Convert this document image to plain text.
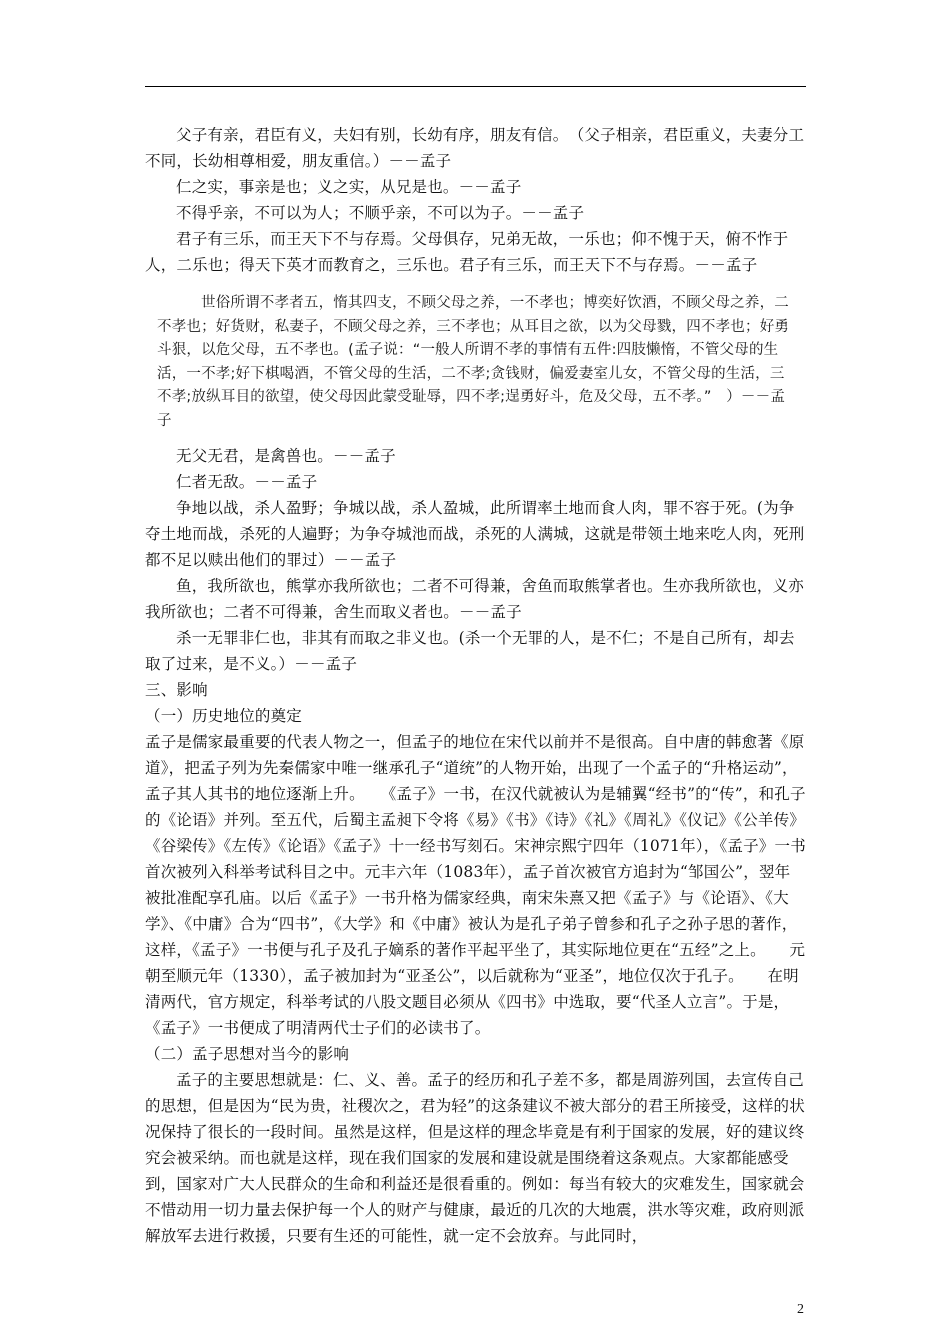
父子有亲，君臣有义，夫妇有别，长幼有序，朋友有信。　（父子相亲，君臣重义，夫妻分工不同，长幼相尊相爱，朋友重信。）－－孟子

仁之实，事亲是也；义之实，从兄是也。－－孟子

不得乎亲，不可以为人；不顺乎亲，不可以为子。－－孟子

君子有三乐，而王天下不与存焉。父母俱存，兄弟无故，一乐也；仰不愧于天，俯不怍于人，二乐也；得天下英才而教育之，三乐也。君子有三乐，而王天下不与存焉。－－孟子

世俗所谓不孝者五，惰其四支，不顾父母之养，一不孝也；博奕好饮酒，不顾父母之养，二不孝也；好货财，私妻子，不顾父母之养，三不孝也；从耳目之欲，以为父母戮，四不孝也；好勇斗狠，以危父母，五不孝也。(孟子说：“一般人所谓不孝的事情有五件:四肢懒惰，不管父母的生活，一不孝;好下棋喝酒，不管父母的生活，二不孝;贪钱财，偏爱妻室儿女，不管父母的生活，三不孝;放纵耳目的欲望，使父母因此蒙受耻辱，四不孝;逞勇好斗，危及父母，五不孝。”　）－－孟子

无父无君，是禽兽也。－－孟子

仁者无敌。－－孟子

争地以战，杀人盈野；争城以战，杀人盈城，此所谓率土地而食人肉，罪不容于死。(为争夺土地而战，杀死的人遍野；为争夺城池而战，杀死的人满城，这就是带领土地来吃人肉，死刑都不足以赎出他们的罪过）－－孟子

鱼，我所欲也，熊掌亦我所欲也；二者不可得兼，舍鱼而取熊掌者也。生亦我所欲也，义亦我所欲也；二者不可得兼，舍生而取义者也。－－孟子

杀一无罪非仁也，非其有而取之非义也。(杀一个无罪的人，是不仁；不是自己所有，却去取了过来，是不义。）－－孟子

三、影响

（一）历史地位的奠定

孟子是儒家最重要的代表人物之一，但孟子的地位在宋代以前并不是很高。自中唐的韩愈著《原道》，把孟子列为先秦儒家中唯一继承孔子“道统”的人物开始，出现了一个孟子的“升格运动”，孟子其人其书的地位逐渐上升。　　《孟子》一书，在汉代就被认为是辅翼“经书”的“传”，和孔子的《论语》并列。至五代，后蜀主孟昶下令将《易》《书》《诗》《礼》《周礼》《仪记》《公羊传》《谷梁传》《左传》《论语》《孟子》十一经书写刻石。宋神宗熙宁四年（1071年），《孟子》一书首次被列入科举考试科目之中。元丰六年（1083年），孟子首次被官方追封为“邹国公”，翌年被批准配享孔庙。以后《孟子》一书升格为儒家经典，南宋朱熹又把《孟子》与《论语》、《大学》、《中庸》合为“四书”，《大学》和《中庸》被认为是孔子弟子曾参和孔子之孙子思的著作，这样，《孟子》一书便与孔子及孔子嫡系的著作平起平坐了，其实际地位更在“五经”之上。　　元朝至顺元年（1330），孟子被加封为“亚圣公”，以后就称为“亚圣”，地位仅次于孔子。　　在明清两代，官方规定，科举考试的八股文题目必须从《四书》中选取，要“代圣人立言”。于是，《孟子》一书便成了明清两代士子们的必读书了。

（二）孟子思想对当今的影响

孟子的主要思想就是：仁、义、善。孟子的经历和孔子差不多，都是周游列国，去宣传自己的思想，但是因为“民为贵，社稷次之，君为轻”的这条建议不被大部分的君王所接受，这样的状况保持了很长的一段时间。虽然是这样，但是这样的理念毕竟是有利于国家的发展，好的建议终究会被采纳。而也就是这样，现在我们国家的发展和建设就是围绕着这条观点。大家都能感受到，国家对广大人民群众的生命和利益还是很看重的。例如：每当有较大的灾难发生，国家就会不惜动用一切力量去保护每一个人的财产与健康，最近的几次的大地震，洪水等灾难，政府则派解放军去进行救援，只要有生还的可能性，就一定不会放弃。与此同时，

2
